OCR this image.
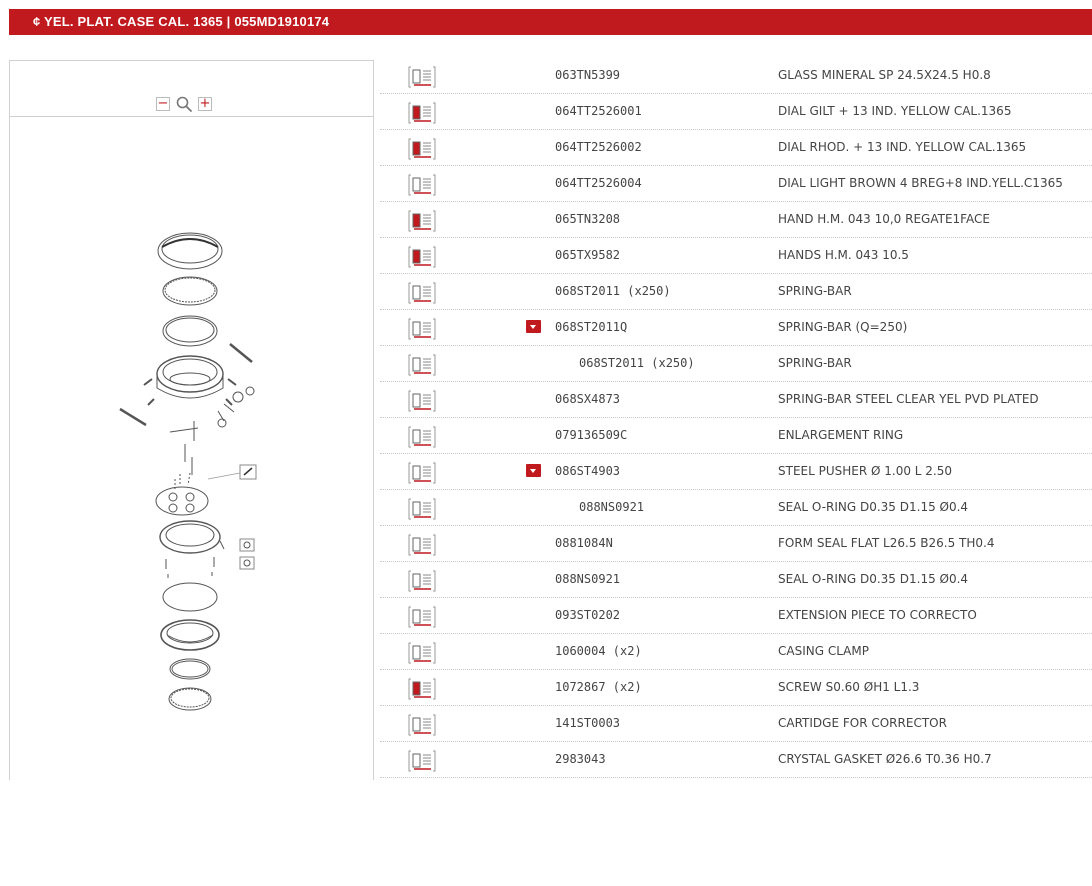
¢ YEL. PLAT. CASE CAL. 1365 | 055MD1910174
− +
063TN5399	GLASS MINERAL SP 24.5X24.5 H0.8
064TT2526001	DIAL GILT + 13 IND. YELLOW CAL.1365
064TT2526002	DIAL RHOD. + 13 IND. YELLOW CAL.1365
064TT2526004	DIAL LIGHT BROWN 4 BREG+8 IND.YELL.C1365
065TN3208	HAND H.M. 043 10,0 REGATE1FACE
065TX9582	HANDS H.M. 043 10.5
068ST2011 (x250)	SPRING-BAR
068ST2011Q	SPRING-BAR (Q=250)
068ST2011 (x250)	SPRING-BAR
068SX4873	SPRING-BAR STEEL CLEAR YEL PVD PLATED
079136509C	ENLARGEMENT RING
086ST4903	STEEL PUSHER Ø 1.00 L 2.50
088NS0921	SEAL O-RING D0.35 D1.15 Ø0.4
0881084N	FORM SEAL FLAT L26.5 B26.5 TH0.4
088NS0921	SEAL O-RING D0.35 D1.15 Ø0.4
093ST0202	EXTENSION PIECE TO CORRECTO
1060004 (x2)	CASING CLAMP
1072867 (x2)	SCREW S0.60 ØH1 L1.3
141ST0003	CARTIDGE FOR CORRECTOR
2983043	CRYSTAL GASKET Ø26.6 T0.36 H0.7
